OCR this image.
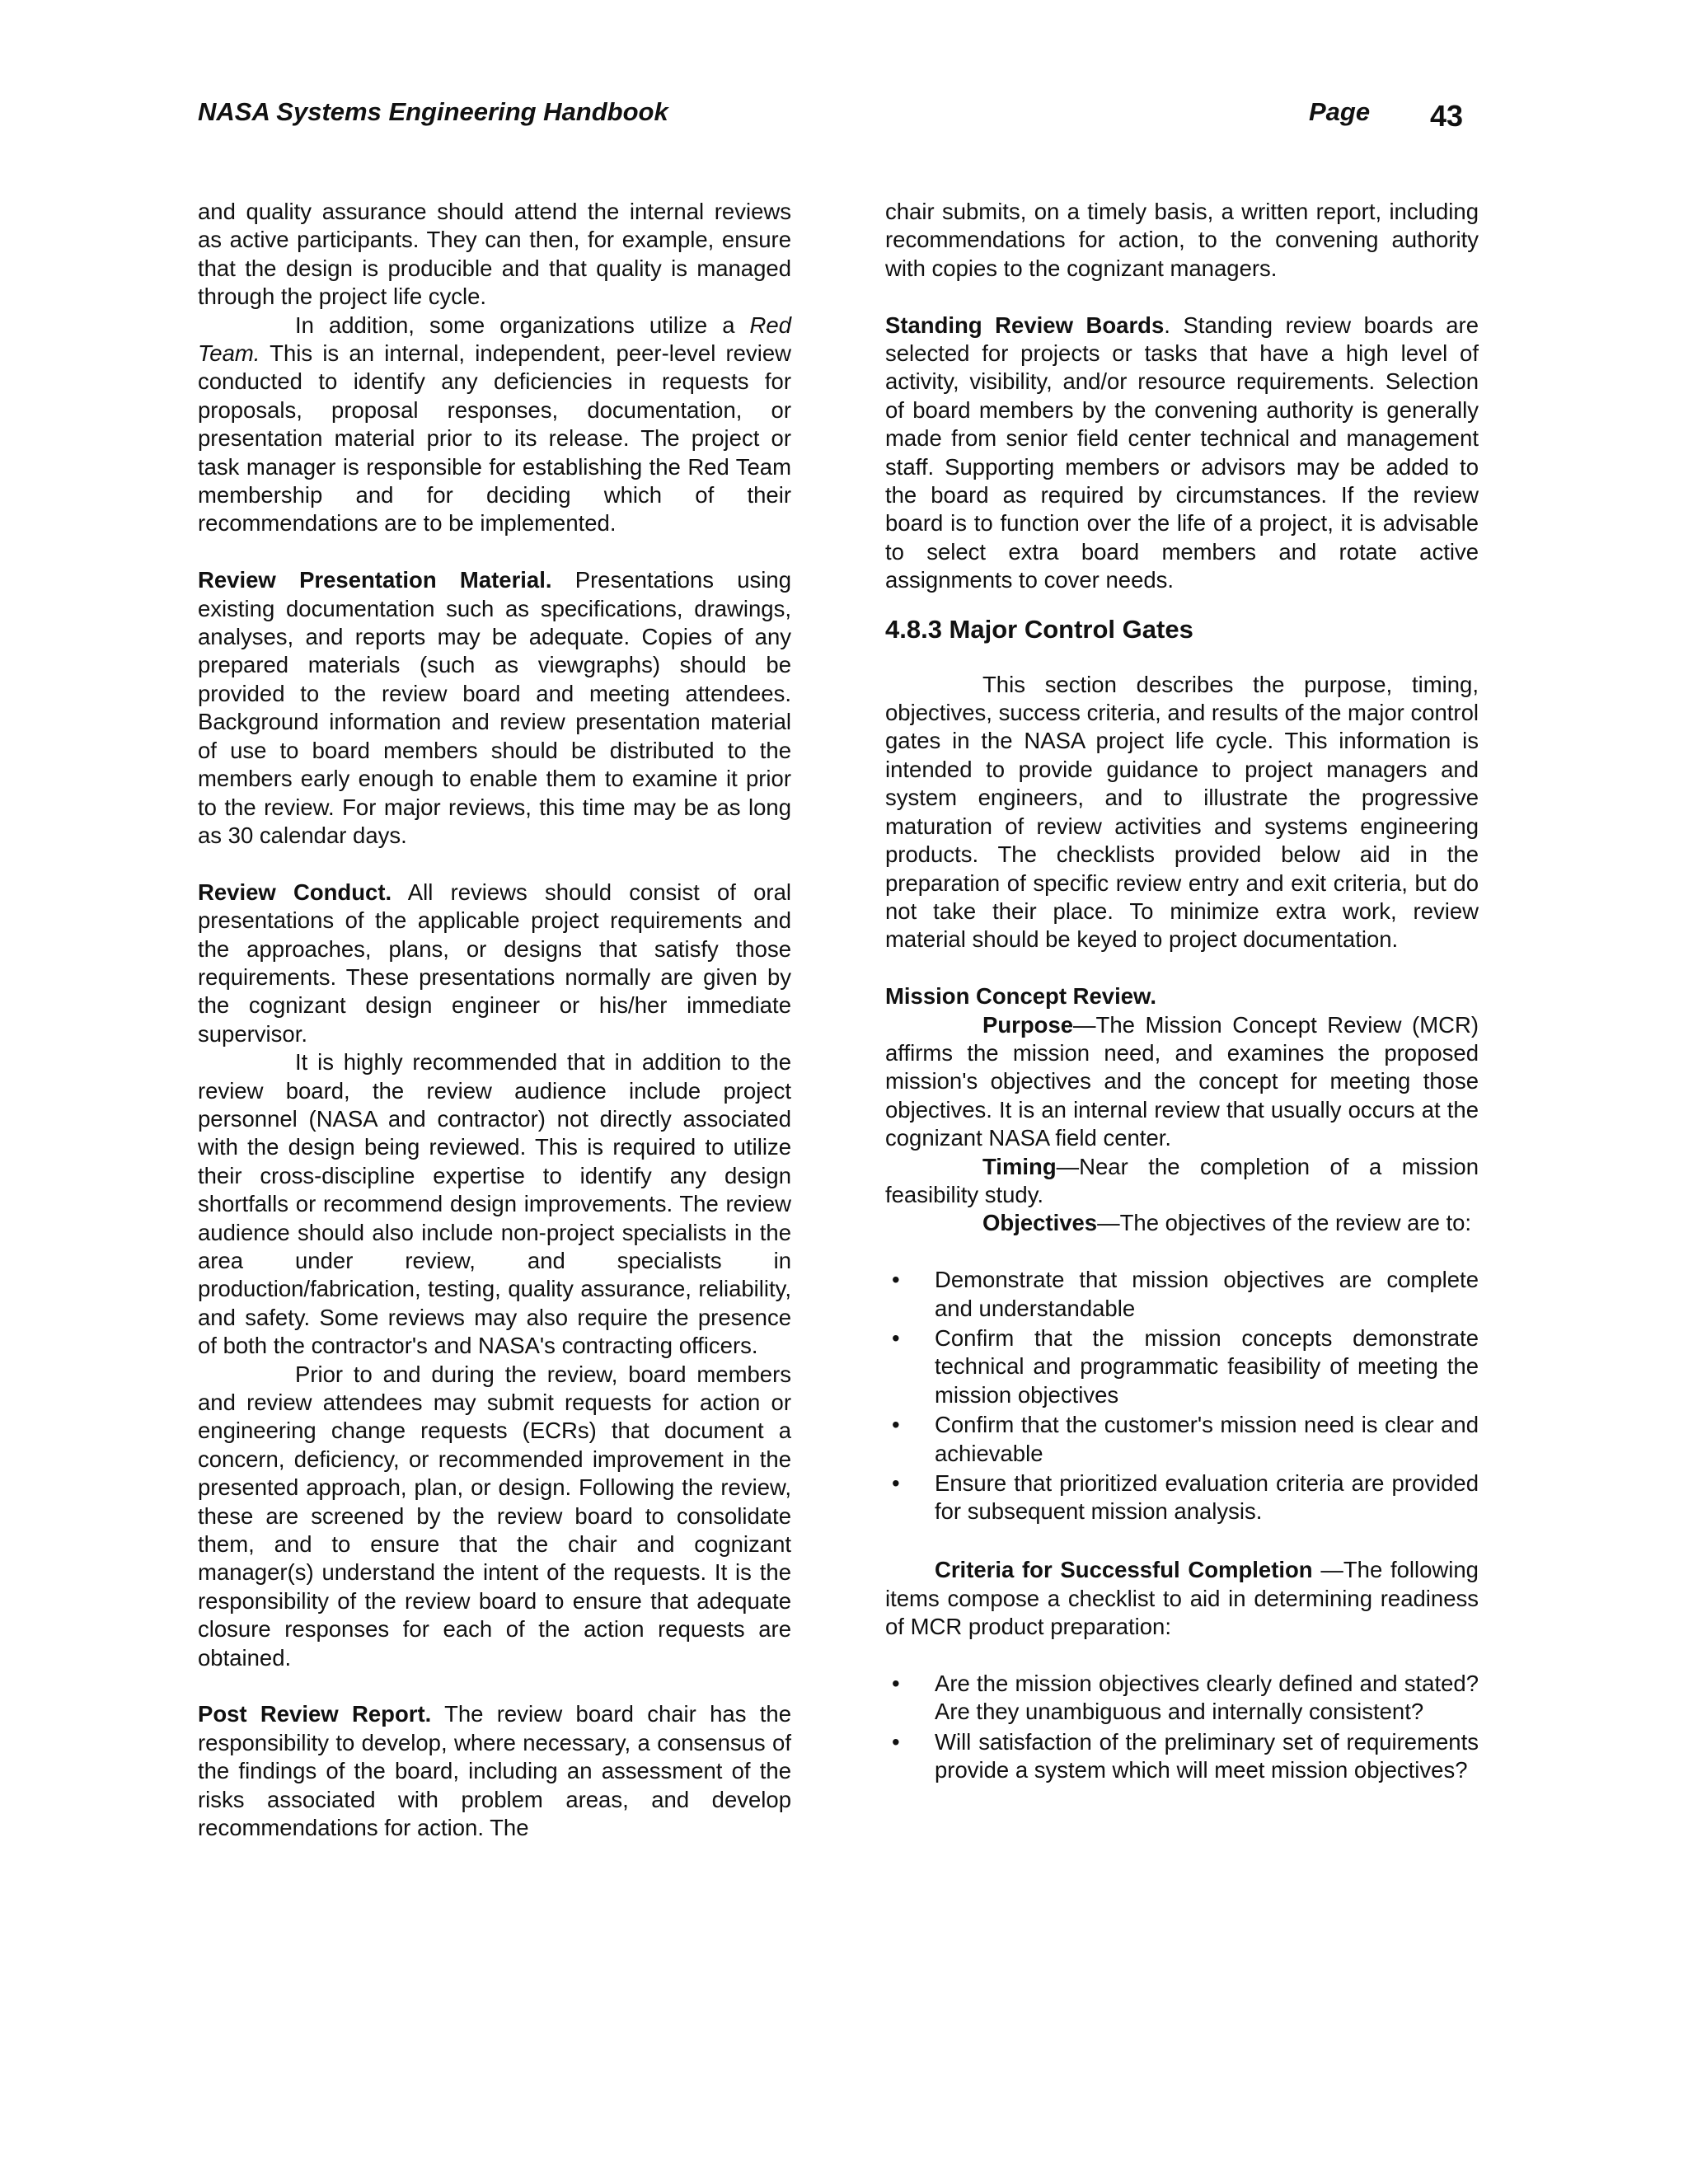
NASA Systems Engineering Handbook	Page 43

and quality assurance should attend the internal reviews as active participants. They can then, for example, ensure that the design is producible and that quality is managed through the project life cycle.

In addition, some organizations utilize a Red Team. This is an internal, independent, peer-level review conducted to identify any deficiencies in requests for proposals, proposal responses, documentation, or presentation material prior to its release. The project or task manager is responsible for establishing the Red Team membership and for deciding which of their recommendations are to be implemented.

Review Presentation Material. Presentations using existing documentation such as specifications, drawings, analyses, and reports may be adequate. Copies of any prepared materials (such as viewgraphs) should be provided to the review board and meeting attendees. Background information and review presentation material of use to board members should be distributed to the members early enough to enable them to examine it prior to the review. For major reviews, this time may be as long as 30 calendar days.

Review Conduct. All reviews should consist of oral presentations of the applicable project requirements and the approaches, plans, or designs that satisfy those requirements. These presentations normally are given by the cognizant design engineer or his/her immediate supervisor.

It is highly recommended that in addition to the review board, the review audience include project personnel (NASA and contractor) not directly associated with the design being reviewed. This is required to utilize their cross-discipline expertise to identify any design shortfalls or recommend design improvements. The review audience should also include non-project specialists in the area under review, and specialists in production/fabrication, testing, quality assurance, reliability, and safety. Some reviews may also require the presence of both the contractor's and NASA's contracting officers.

Prior to and during the review, board members and review attendees may submit requests for action or engineering change requests (ECRs) that document a concern, deficiency, or recommended improvement in the presented approach, plan, or design. Following the review, these are screened by the review board to consolidate them, and to ensure that the chair and cognizant manager(s) understand the intent of the requests. It is the responsibility of the review board to ensure that adequate closure responses for each of the action requests are obtained.

Post Review Report. The review board chair has the responsibility to develop, where necessary, a consensus of the findings of the board, including an assessment of the risks associated with problem areas, and develop recommendations for action. The

chair submits, on a timely basis, a written report, including recommendations for action, to the convening authority with copies to the cognizant managers.

Standing Review Boards. Standing review boards are selected for projects or tasks that have a high level of activity, visibility, and/or resource requirements. Selection of board members by the convening authority is generally made from senior field center technical and management staff. Supporting members or advisors may be added to the board as required by circumstances. If the review board is to function over the life of a project, it is advisable to select extra board members and rotate active assignments to cover needs.

4.8.3 Major Control Gates

This section describes the purpose, timing, objectives, success criteria, and results of the major control gates in the NASA project life cycle. This information is intended to provide guidance to project managers and system engineers, and to illustrate the progressive maturation of review activities and systems engineering products. The checklists provided below aid in the preparation of specific review entry and exit criteria, but do not take their place. To minimize extra work, review material should be keyed to project documentation.

Mission Concept Review.

Purpose—The Mission Concept Review (MCR) affirms the mission need, and examines the proposed mission's objectives and the concept for meeting those objectives. It is an internal review that usually occurs at the cognizant NASA field center.

Timing—Near the completion of a mission feasibility study.

Objectives—The objectives of the review are to:

• Demonstrate that mission objectives are complete and understandable
• Confirm that the mission concepts demonstrate technical and programmatic feasibility of meeting the mission objectives
• Confirm that the customer's mission need is clear and achievable
• Ensure that prioritized evaluation criteria are provided for subsequent mission analysis.

Criteria for Successful Completion —The following items compose a checklist to aid in determining readiness of MCR product preparation:

• Are the mission objectives clearly defined and stated? Are they unambiguous and internally consistent?
• Will satisfaction of the preliminary set of requirements provide a system which will meet mission objectives?
